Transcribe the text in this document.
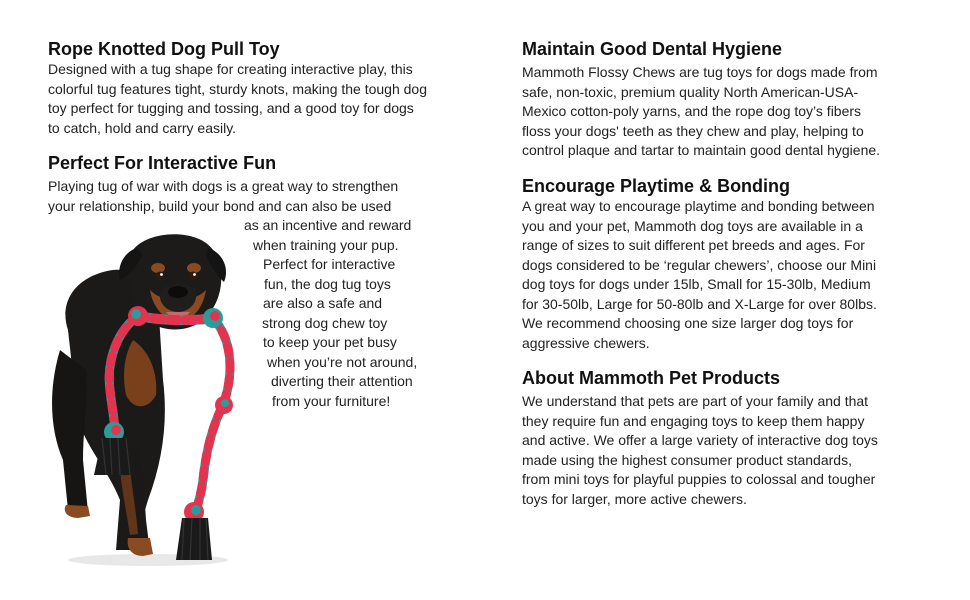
Rope Knotted Dog Pull Toy
Designed with a tug shape for creating interactive play, this
colorful tug features tight, sturdy knots, making the tough dog
toy perfect for tugging and tossing, and a good toy for dogs
to catch, hold and carry easily.
Perfect For Interactive Fun
Playing tug of war with dogs is a great way to strengthen
your relationship, build your bond and can also be used
as an incentive and reward
when training your pup.
Perfect for interactive
fun, the dog tug toys
are also a safe and
strong dog chew toy
to keep your pet busy
when you’re not around,
diverting their attention
from your furniture!
Maintain Good Dental Hygiene
Mammoth Flossy Chews are tug toys for dogs made from
safe, non-toxic, premium quality North American-USA-
Mexico cotton-poly yarns, and the rope dog toy’s fibers
floss your dogs' teeth as they chew and play, helping to
control plaque and tartar to maintain good dental hygiene.
Encourage Playtime & Bonding
A great way to encourage playtime and bonding between
you and your pet, Mammoth dog toys are available in a
range of sizes to suit different pet breeds and ages. For
dogs considered to be ‘regular chewers’, choose our Mini
dog toys for dogs under 15lb, Small for 15-30lb, Medium
for 30-50lb, Large for 50-80lb and X-Large for over 80lbs.
We recommend choosing one size larger dog toys for
aggressive chewers.
About Mammoth Pet Products
We understand that pets are part of your family and that
they require fun and engaging toys to keep them happy
and active. We offer a large variety of interactive dog toys
made using the highest consumer product standards,
from mini toys for playful puppies to colossal and tougher
toys for larger, more active chewers.
